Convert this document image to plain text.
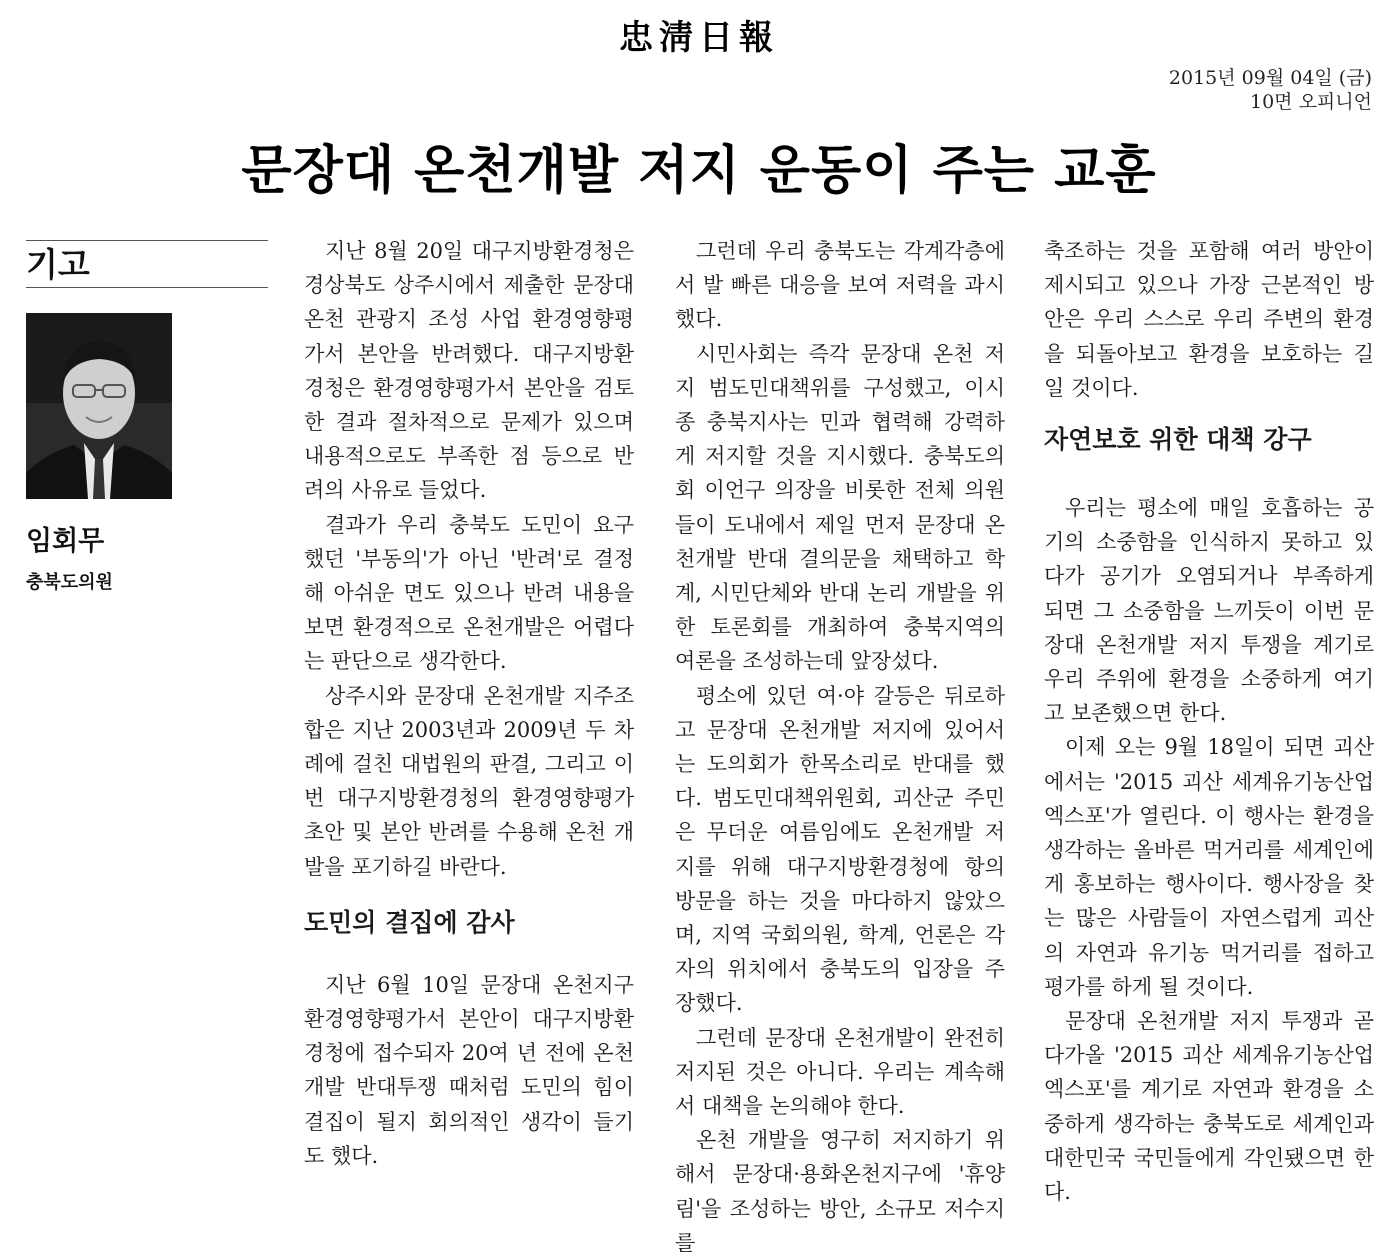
忠淸日報
2015년 09월 04일 (금)
10면 오피니언
문장대 온천개발 저지 운동이 주는 교훈
기고
임회무
충북도의원

지난 8월 20일 대구지방환경청은 경상북도 상주시에서 제출한 문장대 온천 관광지 조성 사업 환경영향평가서 본안을 반려했다. 대구지방환경청은 환경영향평가서 본안을 검토한 결과 절차적으로 문제가 있으며 내용적으로도 부족한 점 등으로 반려의 사유로 들었다.

결과가 우리 충북도 도민이 요구했던 '부동의'가 아닌 '반려'로 결정해 아쉬운 면도 있으나 반려 내용을 보면 환경적으로 온천개발은 어렵다는 판단으로 생각한다.

상주시와 문장대 온천개발 지주조합은 지난 2003년과 2009년 두 차례에 걸친 대법원의 판결, 그리고 이번 대구지방환경청의 환경영향평가 초안 및 본안 반려를 수용해 온천 개발을 포기하길 바란다.

도민의 결집에 감사

지난 6월 10일 문장대 온천지구 환경영향평가서 본안이 대구지방환경청에 접수되자 20여 년 전에 온천개발 반대투쟁 때처럼 도민의 힘이 결집이 될지 회의적인 생각이 들기도 했다.

그런데 우리 충북도는 각계각층에서 발 빠른 대응을 보여 저력을 과시했다.

시민사회는 즉각 문장대 온천 저지 범도민대책위를 구성했고, 이시종 충북지사는 민과 협력해 강력하게 저지할 것을 지시했다. 충북도의회 이언구 의장을 비롯한 전체 의원들이 도내에서 제일 먼저 문장대 온천개발 반대 결의문을 채택하고 학계, 시민단체와 반대 논리 개발을 위한 토론회를 개최하여 충북지역의 여론을 조성하는데 앞장섰다.

평소에 있던 여·야 갈등은 뒤로하고 문장대 온천개발 저지에 있어서는 도의회가 한목소리로 반대를 했다. 범도민대책위원회, 괴산군 주민은 무더운 여름임에도 온천개발 저지를 위해 대구지방환경청에 항의 방문을 하는 것을 마다하지 않았으며, 지역 국회의원, 학계, 언론은 각자의 위치에서 충북도의 입장을 주장했다.

그런데 문장대 온천개발이 완전히 저지된 것은 아니다. 우리는 계속해서 대책을 논의해야 한다.

온천 개발을 영구히 저지하기 위해서 문장대·용화온천지구에 '휴양림'을 조성하는 방안, 소규모 저수지를

축조하는 것을 포함해 여러 방안이 제시되고 있으나 가장 근본적인 방안은 우리 스스로 우리 주변의 환경을 되돌아보고 환경을 보호하는 길일 것이다.

자연보호 위한 대책 강구

우리는 평소에 매일 호흡하는 공기의 소중함을 인식하지 못하고 있다가 공기가 오염되거나 부족하게 되면 그 소중함을 느끼듯이 이번 문장대 온천개발 저지 투쟁을 계기로 우리 주위에 환경을 소중하게 여기고 보존했으면 한다.

이제 오는 9월 18일이 되면 괴산에서는 '2015 괴산 세계유기농산업엑스포'가 열린다. 이 행사는 환경을 생각하는 올바른 먹거리를 세계인에게 홍보하는 행사이다. 행사장을 찾는 많은 사람들이 자연스럽게 괴산의 자연과 유기농 먹거리를 접하고 평가를 하게 될 것이다.

문장대 온천개발 저지 투쟁과 곧 다가올 '2015 괴산 세계유기농산업엑스포'를 계기로 자연과 환경을 소중하게 생각하는 충북도로 세계인과 대한민국 국민들에게 각인됐으면 한다.
